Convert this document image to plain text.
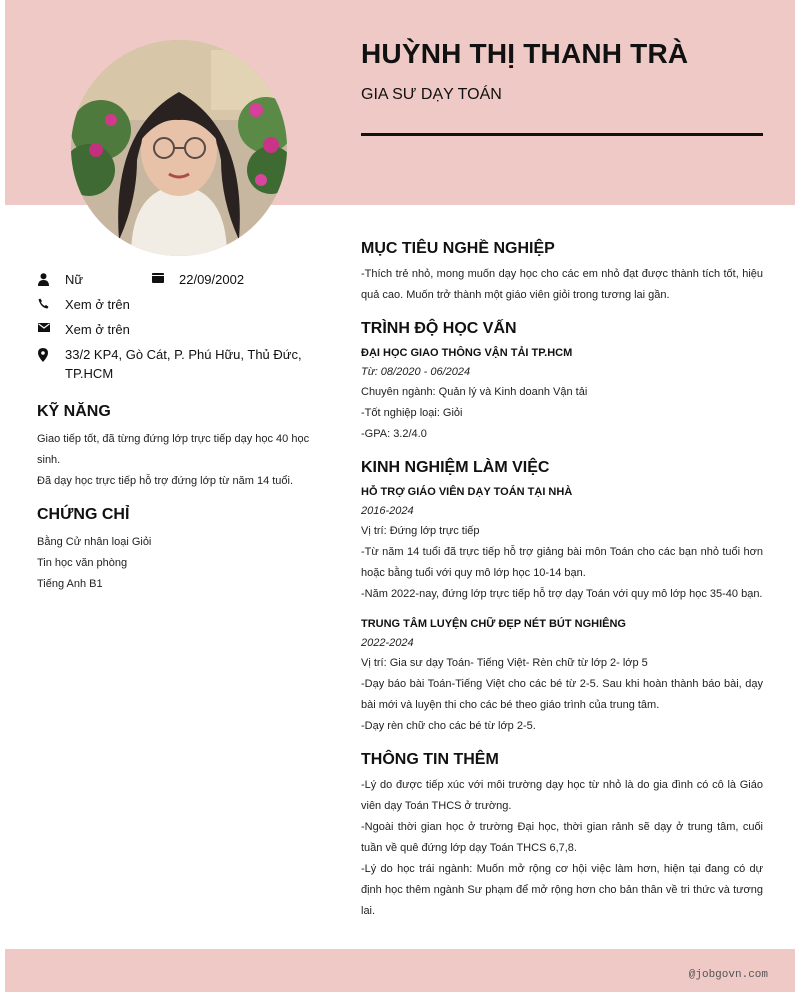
HUỲNH THỊ THANH TRÀ
GIA SƯ DẠY TOÁN
Nữ	22/09/2002
Xem ở trên
Xem ở trên
33/2 KP4, Gò Cát, P. Phú Hữu, Thủ Đức, TP.HCM
KỸ NĂNG
Giao tiếp tốt, đã từng đứng lớp trực tiếp dạy học 40 học sinh.
Đã dạy học trực tiếp hỗ trợ đứng lớp từ năm 14 tuổi.
CHỨNG CHỈ
Bằng Cử nhân loại Giỏi
Tin học văn phòng
Tiếng Anh B1
MỤC TIÊU NGHỀ NGHIỆP
-Thích trẻ nhỏ, mong muốn dạy học cho các em nhỏ đạt được thành tích tốt, hiệu quả cao. Muốn trở thành một giáo viên giỏi trong tương lai gần.
TRÌNH ĐỘ HỌC VẤN
ĐẠI HỌC GIAO THÔNG VẬN TẢI TP.HCM
Từ: 08/2020 - 06/2024
Chuyên ngành: Quản lý và Kinh doanh Vận tải
-Tốt nghiệp loại: Giỏi
-GPA: 3.2/4.0
KINH NGHIỆM LÀM VIỆC
HỖ TRỢ GIÁO VIÊN DẠY TOÁN TẠI NHÀ
2016-2024
Vị trí: Đứng lớp trực tiếp
-Từ năm 14 tuổi đã trực tiếp hỗ trợ giảng bài môn Toán cho các bạn nhỏ tuổi hơn hoặc bằng tuổi với quy mô lớp học 10-14 bạn.
-Năm 2022-nay, đứng lớp trực tiếp hỗ trợ dạy Toán với quy mô lớp học 35-40 bạn.
TRUNG TÂM LUYỆN CHỮ ĐẸP NÉT BÚT NGHIÊNG
2022-2024
Vị trí: Gia sư dạy Toán- Tiếng Việt- Rèn chữ từ lớp 2- lớp 5
-Dạy báo bài Toán-Tiếng Việt cho các bé từ 2-5. Sau khi hoàn thành báo bài, dạy bài mới và luyện thi cho các bé theo giáo trình của trung tâm.
-Dạy rèn chữ cho các bé từ lớp 2-5.
THÔNG TIN THÊM
-Lý do được tiếp xúc với môi trường dạy học từ nhỏ là do gia đình có cô là Giáo viên dạy Toán THCS ở trường.
-Ngoài thời gian học ở trường Đại học, thời gian rảnh sẽ dạy ở trung tâm, cuối tuần về quê đứng lớp dạy Toán THCS 6,7,8.
-Lý do học trái ngành: Muốn mở rộng cơ hội việc làm hơn, hiện tại đang có dự định học thêm ngành Sư phạm để mở rộng hơn cho bản thân về tri thức và tương lai.
@jobgovn.com
